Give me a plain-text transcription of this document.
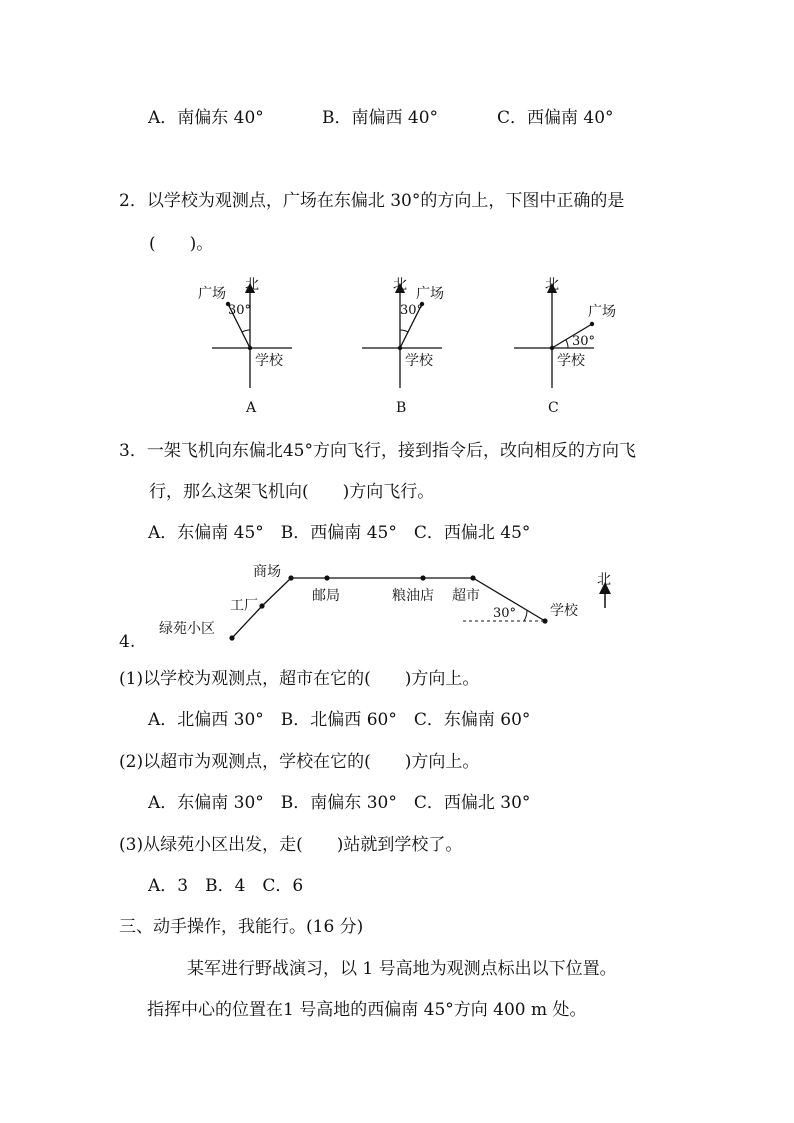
A．南偏东 40°	B．南偏西 40°	C．西偏南 40°
2．以学校为观测点，广场在东偏北 30°的方向上，下图中正确的是
(　　)。
北
广场
30°
学校
A
北
广场
30°
学校
B
北
广场
30°
学校
C
3．一架飞机向东偏北45°方向飞行，接到指令后，改向相反的方向飞
行，那么这架飞机向(　　)方向飞行。
A．东偏南 45°　B．西偏南 45°　C．西偏北 45°
绿苑小区
工厂
商场
邮局	粮油店 超市
学校
30°
北
4.
(1)以学校为观测点，超市在它的(　　)方向上。
A．北偏西 30°　B．北偏西 60°　C．东偏南 60°
(2)以超市为观测点，学校在它的(　　)方向上。
A．东偏南 30°　B．南偏东 30°　C．西偏北 30°
(3)从绿苑小区出发，走(　　)站就到学校了。
A．3　B．4　C．6
三、动手操作，我能行。(16 分)
某军进行野战演习，以 1 号高地为观测点标出以下位置。
指挥中心的位置在1 号高地的西偏南 45°方向 400 m 处。
